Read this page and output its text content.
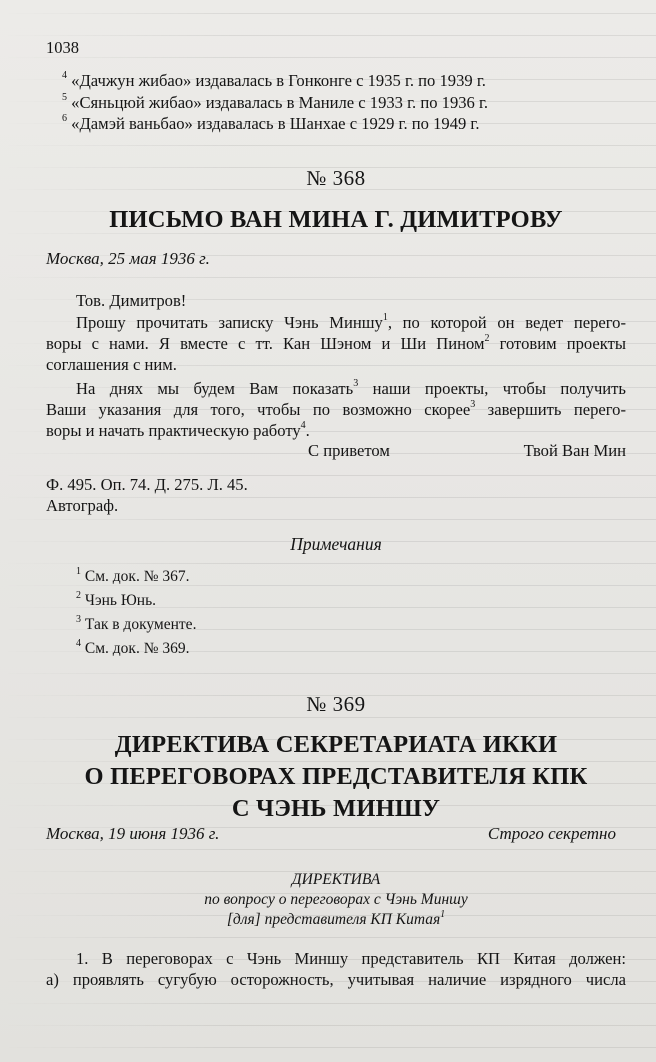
1038
$^4$ «Дачжун жибао» издавалась в Гонконге с 1935 г. по 1939 г.
$^5$ «Сяньцюй жибао» издавалась в Маниле с 1933 г. по 1936 г.
$^6$ «Дамэй ваньбао» издавалась в Шанхае с 1929 г. по 1949 г.
№ 368
ПИСЬМО ВАН МИНА Г. ДИМИТРОВУ
Москва, 25 мая 1936 г.
Тов. Димитров!
Прошу прочитать записку Чэнь Миншу$^1$, по которой он ведет перего-
воры с нами. Я вместе с тт. Кан Шэном и Ши Пином$^2$ готовим проекты
соглашения с ним.
На днях мы будем Вам показать$^3$ наши проекты, чтобы получить
Ваши указания для того, чтобы по возможно скорее$^3$ завершить перего-
воры и начать практическую работу$^4$.
С приветом	Твой Ван Мин
Ф. 495. Оп. 74. Д. 275. Л. 45.
Автограф.
Примечания
$^1$ См. док. № 367.
$^2$ Чэнь Юнь.
$^3$ Так в документе.
$^4$ См. док. № 369.
№ 369
ДИРЕКТИВА СЕКРЕТАРИАТА ИККИ
О ПЕРЕГОВОРАХ ПРЕДСТАВИТЕЛЯ КПК
С ЧЭНЬ МИНШУ
Москва, 19 июня 1936 г.	Строго секретно
ДИРЕКТИВА
по вопросу о переговорах с Чэнь Миншу
[для] представителя КП Китая$^1$
1. В переговорах с Чэнь Миншу представитель КП Китая должен:
а) проявлять сугубую осторожность, учитывая наличие изрядного числа
